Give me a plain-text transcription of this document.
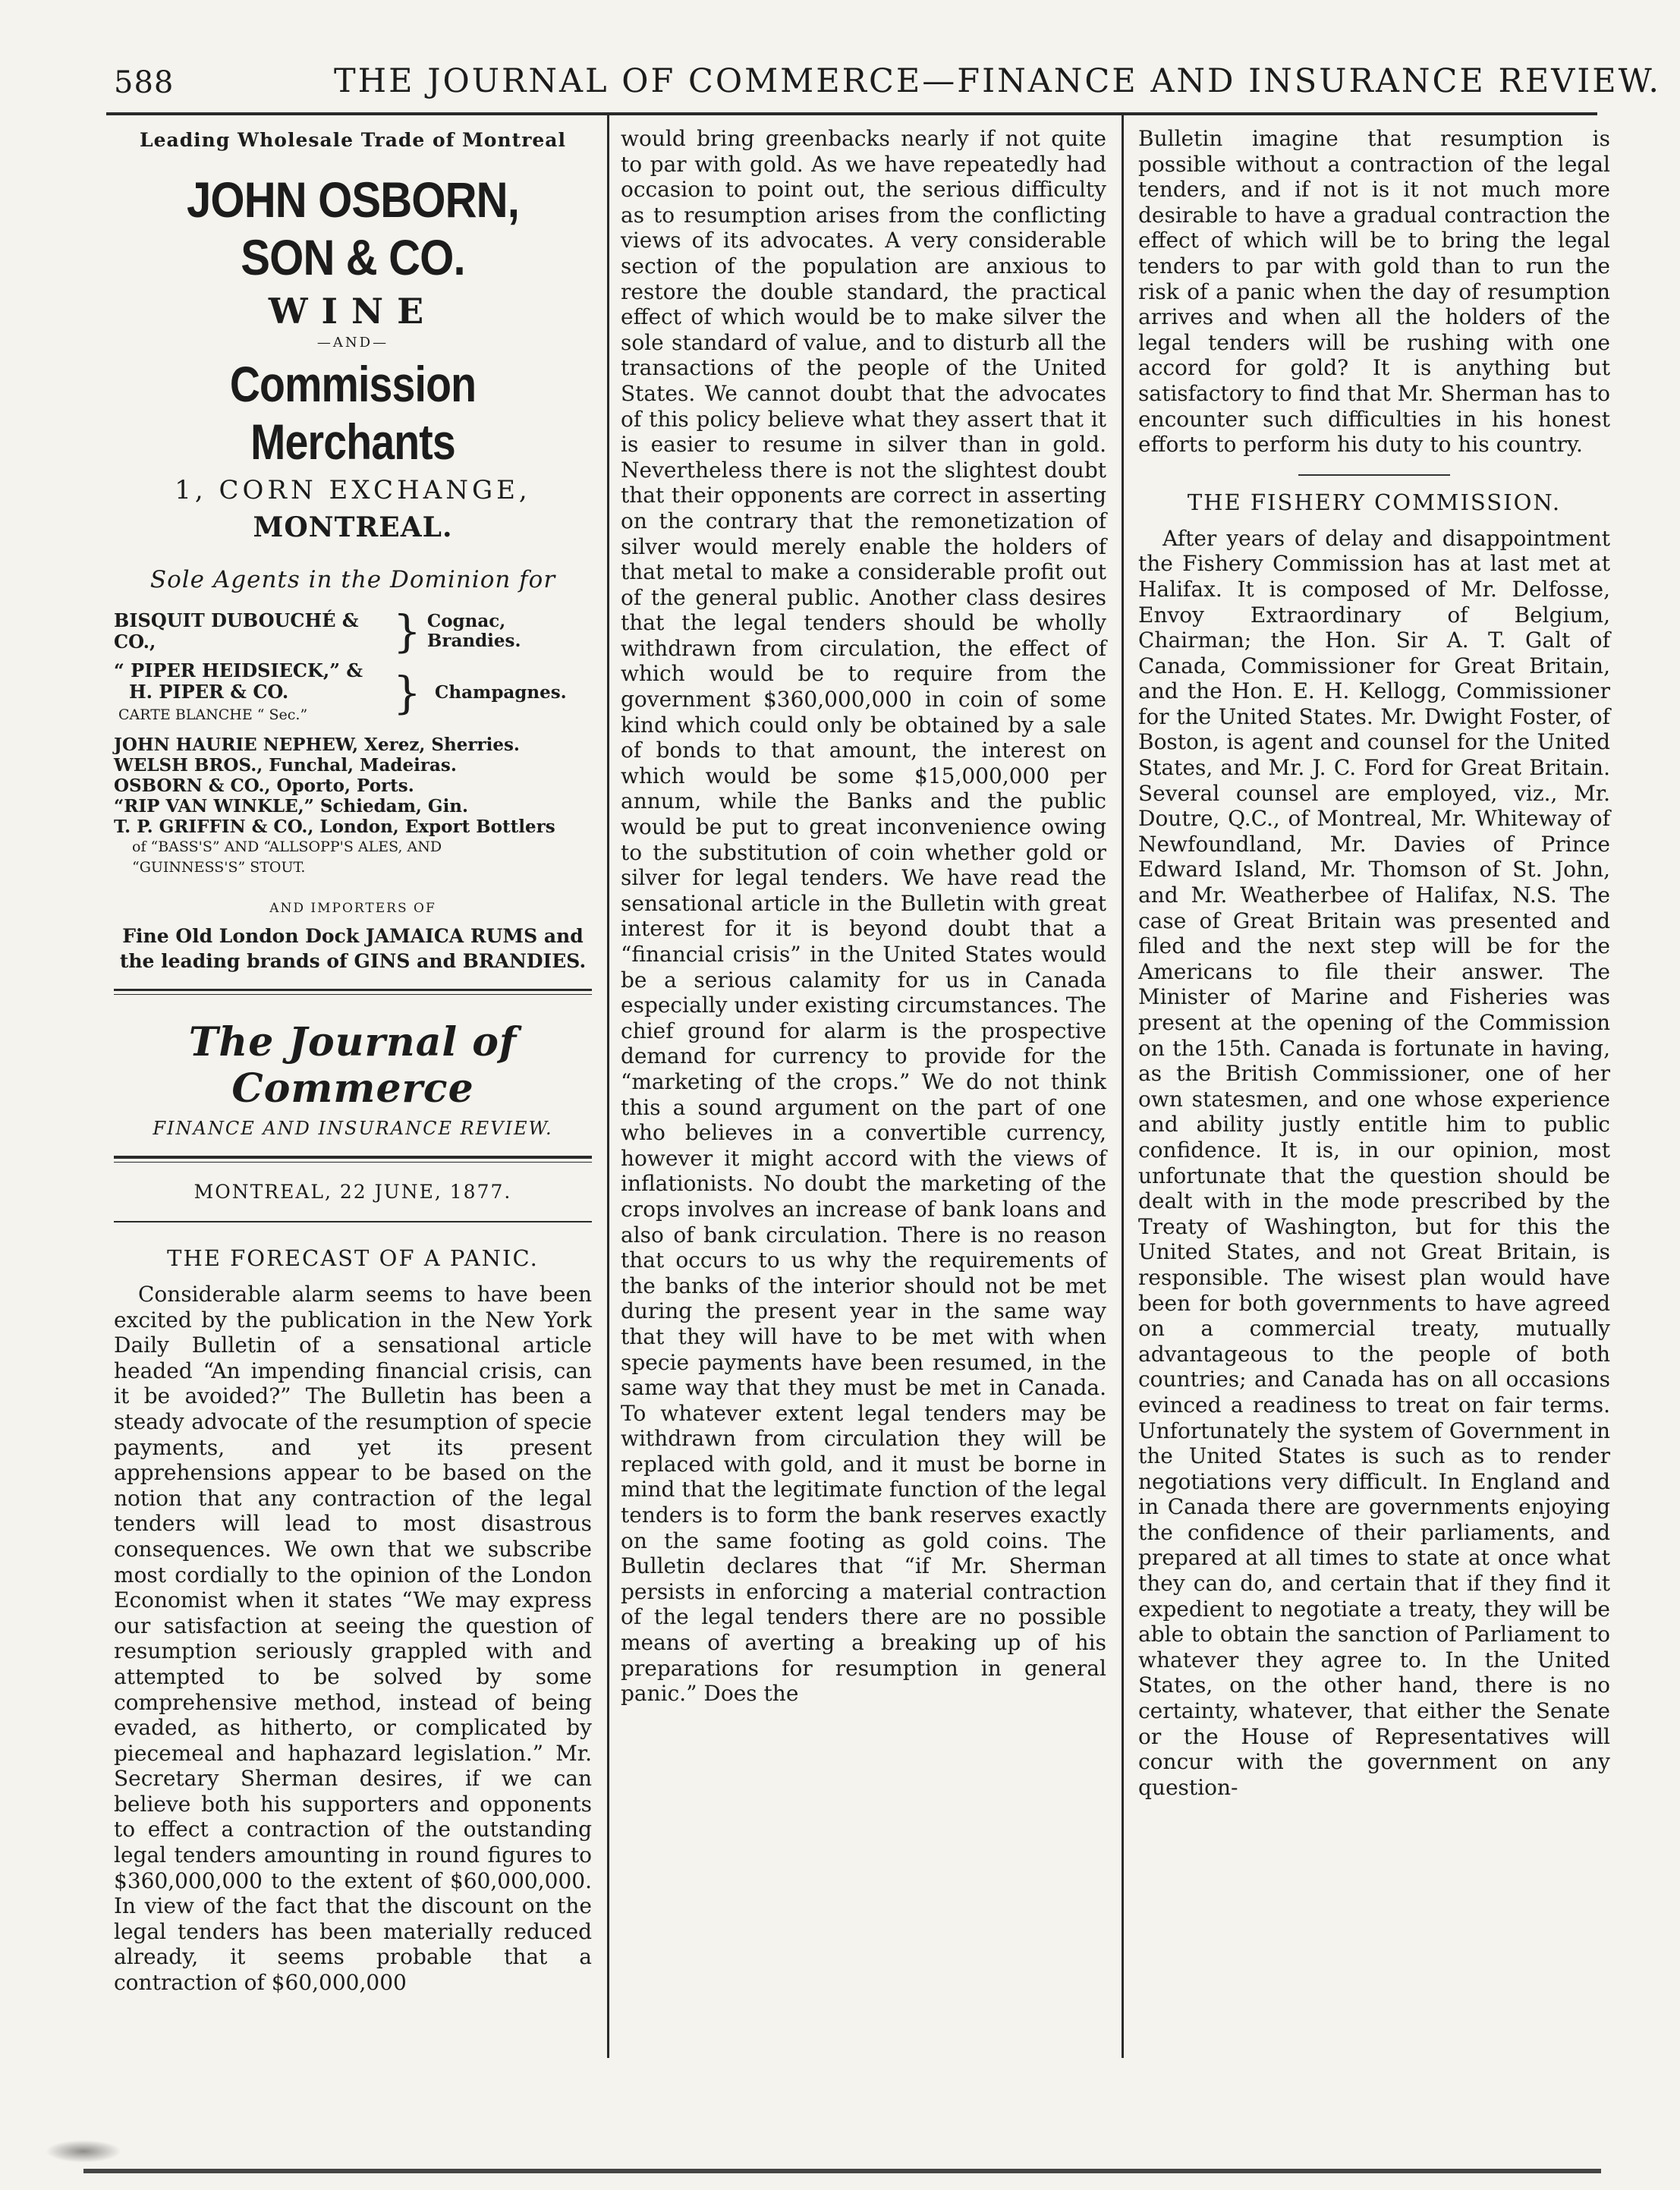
588	THE JOURNAL OF COMMERCE—FINANCE AND INSURANCE REVIEW.
Leading Wholesale Trade of Montreal
JOHN OSBORN, SON & CO.
WINE
—AND—
Commission Merchants
1, CORN EXCHANGE,
MONTREAL.
Sole Agents in the Dominion for
BISQUIT DUBOUCHÉ & CO.,	}	Cognac, Brandies.
“ PIPER HEIDSIECK,” &
H. PIPER & CO.
CARTE BLANCHE “ Sec.”	}	Champagnes.
JOHN HAURIE NEPHEW, Xerez, Sherries.
WELSH BROS., Funchal, Madeiras.
OSBORN & CO., Oporto, Ports.
“RIP VAN WINKLE,” Schiedam, Gin.
T. P. GRIFFIN & CO., London, Export Bottlers
of “BASS'S” AND “ALLSOPP'S ALES, AND
“GUINNESS'S” STOUT.
AND IMPORTERS OF
Fine Old London Dock JAMAICA RUMS and the leading brands of GINS and BRANDIES.
The Journal of Commerce
FINANCE AND INSURANCE REVIEW.
MONTREAL, 22 JUNE, 1877.

THE FORECAST OF A PANIC.

Considerable alarm seems to have been excited by the publication in the New York Daily Bulletin of a sensational article headed “An impending financial crisis, can it be avoided?” The Bulletin has been a steady advocate of the resumption of specie payments, and yet its present apprehensions appear to be based on the notion that any contraction of the legal tenders will lead to most disastrous consequences. We own that we subscribe most cordially to the opinion of the London Economist when it states “We may express our satisfaction at seeing the question of resumption seriously grappled with and attempted to be solved by some comprehensive method, instead of being evaded, as hitherto, or complicated by piecemeal and haphazard legislation.” Mr. Secretary Sherman desires, if we can believe both his supporters and opponents to effect a contraction of the outstanding legal tenders amounting in round figures to $360,000,000 to the extent of $60,000,000. In view of the fact that the discount on the legal tenders has been materially reduced already, it seems probable that a contraction of $60,000,000

would bring greenbacks nearly if not quite to par with gold. As we have repeatedly had occasion to point out, the serious difficulty as to resumption arises from the conflicting views of its advocates. A very considerable section of the population are anxious to restore the double standard, the practical effect of which would be to make silver the sole standard of value, and to disturb all the transactions of the people of the United States. We cannot doubt that the advocates of this policy believe what they assert that it is easier to resume in silver than in gold. Nevertheless there is not the slightest doubt that their opponents are correct in asserting on the contrary that the remonetization of silver would merely enable the holders of that metal to make a considerable profit out of the general public. Another class desires that the legal tenders should be wholly withdrawn from circulation, the effect of which would be to require from the government $360,000,000 in coin of some kind which could only be obtained by a sale of bonds to that amount, the interest on which would be some $15,000,000 per annum, while the Banks and the public would be put to great inconvenience owing to the substitution of coin whether gold or silver for legal tenders. We have read the sensational article in the Bulletin with great interest for it is beyond doubt that a “financial crisis” in the United States would be a serious calamity for us in Canada especially under existing circumstances. The chief ground for alarm is the prospective demand for currency to provide for the “marketing of the crops.” We do not think this a sound argument on the part of one who believes in a convertible currency, however it might accord with the views of inflationists. No doubt the marketing of the crops involves an increase of bank loans and also of bank circulation. There is no reason that occurs to us why the requirements of the banks of the interior should not be met during the present year in the same way that they will have to be met with when specie payments have been resumed, in the same way that they must be met in Canada. To whatever extent legal tenders may be withdrawn from circulation they will be replaced with gold, and it must be borne in mind that the legitimate function of the legal tenders is to form the bank reserves exactly on the same footing as gold coins. The Bulletin declares that “if Mr. Sherman persists in enforcing a material contraction of the legal tenders there are no possible means of averting a breaking up of his preparations for resumption in general panic.” Does the

Bulletin imagine that resumption is possible without a contraction of the legal tenders, and if not is it not much more desirable to have a gradual contraction the effect of which will be to bring the legal tenders to par with gold than to run the risk of a panic when the day of resumption arrives and when all the holders of the legal tenders will be rushing with one accord for gold? It is anything but satisfactory to find that Mr. Sherman has to encounter such difficulties in his honest efforts to perform his duty to his country.

THE FISHERY COMMISSION.

After years of delay and disappointment the Fishery Commission has at last met at Halifax. It is composed of Mr. Delfosse, Envoy Extraordinary of Belgium, Chairman; the Hon. Sir A. T. Galt of Canada, Commissioner for Great Britain, and the Hon. E. H. Kellogg, Commissioner for the United States. Mr. Dwight Foster, of Boston, is agent and counsel for the United States, and Mr. J. C. Ford for Great Britain. Several counsel are employed, viz., Mr. Doutre, Q.C., of Montreal, Mr. Whiteway of Newfoundland, Mr. Davies of Prince Edward Island, Mr. Thomson of St. John, and Mr. Weatherbee of Halifax, N.S. The case of Great Britain was presented and filed and the next step will be for the Americans to file their answer. The Minister of Marine and Fisheries was present at the opening of the Commission on the 15th. Canada is fortunate in having, as the British Commissioner, one of her own statesmen, and one whose experience and ability justly entitle him to public confidence. It is, in our opinion, most unfortunate that the question should be dealt with in the mode prescribed by the Treaty of Washington, but for this the United States, and not Great Britain, is responsible. The wisest plan would have been for both governments to have agreed on a commercial treaty, mutually advantageous to the people of both countries; and Canada has on all occasions evinced a readiness to treat on fair terms. Unfortunately the system of Government in the United States is such as to render negotiations very difficult. In England and in Canada there are governments enjoying the confidence of their parliaments, and prepared at all times to state at once what they can do, and certain that if they find it expedient to negotiate a treaty, they will be able to obtain the sanction of Parliament to whatever they agree to. In the United States, on the other hand, there is no certainty, whatever, that either the Senate or the House of Representatives will concur with the government on any question-
